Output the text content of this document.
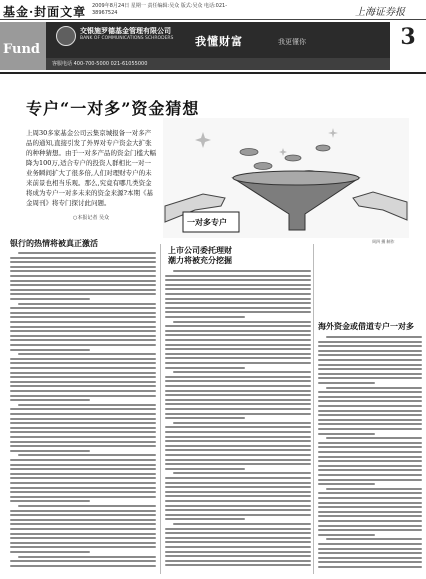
基金·封面文章 2009年8月24日 星期一 责任编辑:吴众 版式:吴众 电话:021-38967524	上海证券报
Fund
交银施罗德基金管理有限公司
BANK OF COMMUNICATIONS SCHRODERS 我懂财富	我更懂你
客服电话 400-700-5000 021-61055000
3
专户“一对多”资金猜想
上周30多家基金公司云集京城报备一对多产品的通知,直接引发了外界对专户资金大扩张的种种猜想。由于一对多产品的资金门槛大幅降为100万,适合专户的投资人群相比一对一业务瞬间扩大了很多倍,人们对理财专户的未来前景也相当乐观。那么,究竟有哪几类资金将成为专户一对多未来的资金来源?本期《基金周刊》将专门探讨此问题。
○本报记者 吴众	一对多专户
周四 摄 制作
银行的热情将被真正激活
上市公司委托理财
潮力将被充分挖掘
海外资金或借道专户一对多
